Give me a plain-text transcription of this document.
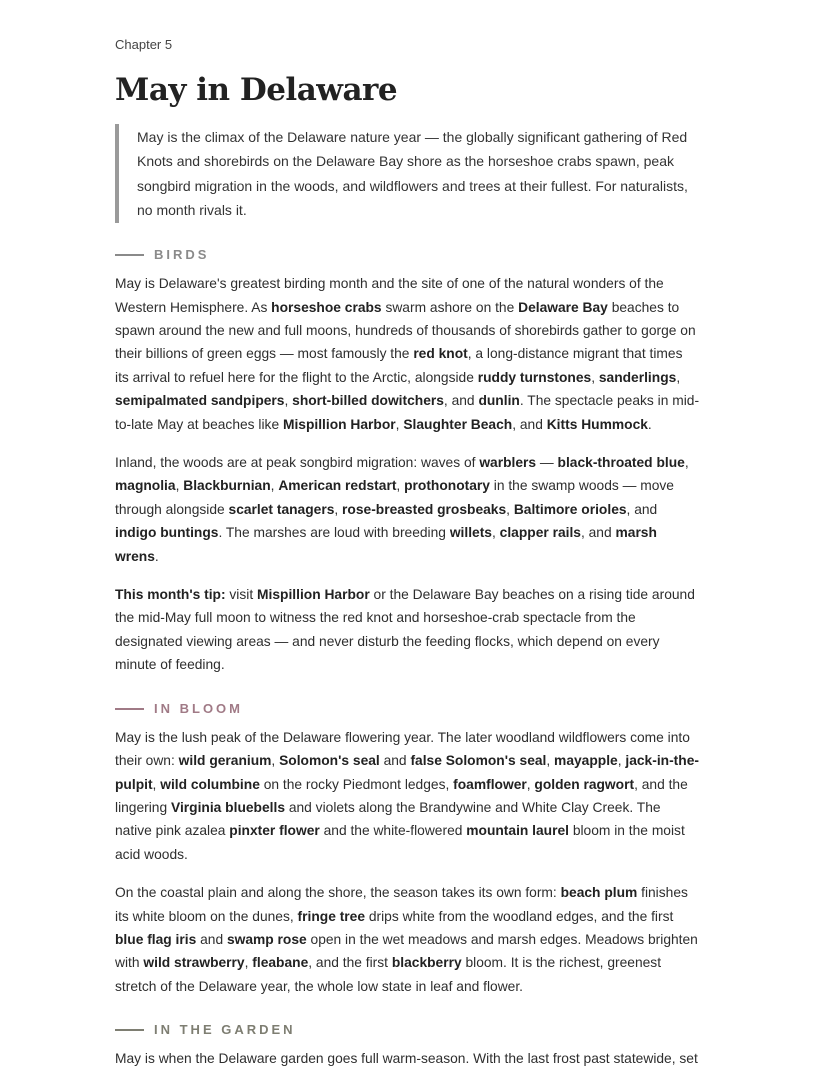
Chapter 5

May in Delaware
May is the climax of the Delaware nature year — the globally significant gathering of Red Knots and shorebirds on the Delaware Bay shore as the horseshoe crabs spawn, peak songbird migration in the woods, and wildflowers and trees at their fullest. For naturalists, no month rivals it.
BIRDS

May is Delaware's greatest birding month and the site of one of the natural wonders of the Western Hemisphere. As horseshoe crabs swarm ashore on the Delaware Bay beaches to spawn around the new and full moons, hundreds of thousands of shorebirds gather to gorge on their billions of green eggs — most famously the red knot, a long-distance migrant that times its arrival to refuel here for the flight to the Arctic, alongside ruddy turnstones, sanderlings, semipalmated sandpipers, short-billed dowitchers, and dunlin. The spectacle peaks in mid-to-late May at beaches like Mispillion Harbor, Slaughter Beach, and Kitts Hummock.

Inland, the woods are at peak songbird migration: waves of warblers — black-throated blue, magnolia, Blackburnian, American redstart, prothonotary in the swamp woods — move through alongside scarlet tanagers, rose-breasted grosbeaks, Baltimore orioles, and indigo buntings. The marshes are loud with breeding willets, clapper rails, and marsh wrens.

This month's tip: visit Mispillion Harbor or the Delaware Bay beaches on a rising tide around the mid-May full moon to witness the red knot and horseshoe-crab spectacle from the designated viewing areas — and never disturb the feeding flocks, which depend on every minute of feeding.

IN BLOOM

May is the lush peak of the Delaware flowering year. The later woodland wildflowers come into their own: wild geranium, Solomon's seal and false Solomon's seal, mayapple, jack-in-the-pulpit, wild columbine on the rocky Piedmont ledges, foamflower, golden ragwort, and the lingering Virginia bluebells and violets along the Brandywine and White Clay Creek. The native pink azalea pinxter flower and the white-flowered mountain laurel bloom in the moist acid woods.

On the coastal plain and along the shore, the season takes its own form: beach plum finishes its white bloom on the dunes, fringe tree drips white from the woodland edges, and the first blue flag iris and swamp rose open in the wet meadows and marsh edges. Meadows brighten with wild strawberry, fleabane, and the first blackberry bloom. It is the richest, greenest stretch of the Delaware year, the whole low state in leaf and flower.

IN THE GARDEN

May is when the Delaware garden goes full warm-season. With the last frost past statewide, set
